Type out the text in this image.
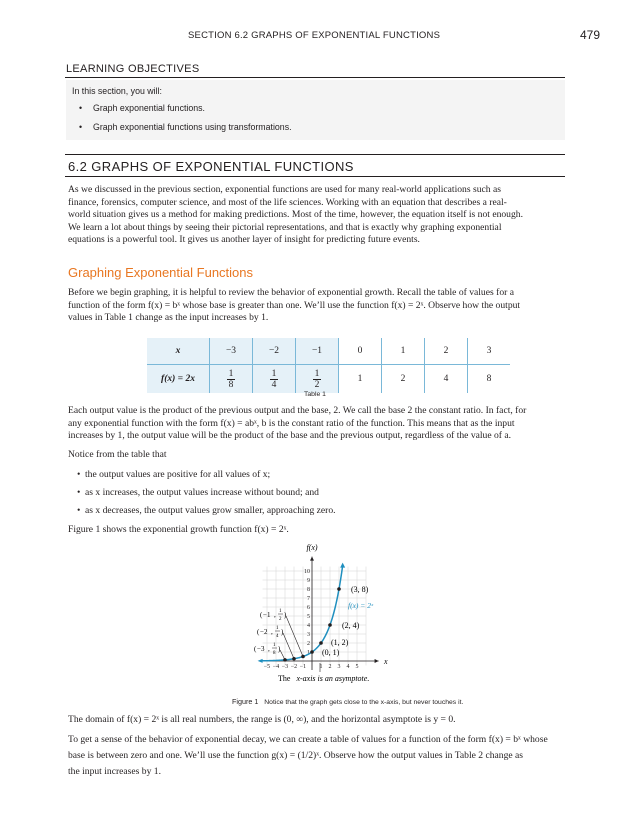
SECTION 6.2 GRAPHS OF EXPONENTIAL FUNCTIONS	479
LEARNING OBJECTIVES
In this section, you will:
Graph exponential functions.
Graph exponential functions using transformations.
6.2 GRAPHS OF EXPONENTIAL FUNCTIONS
As we discussed in the previous section, exponential functions are used for many real-world applications such as
finance, forensics, computer science, and most of the life sciences. Working with an equation that describes a real-
world situation gives us a method for making predictions. Most of the time, however, the equation itself is not enough.
We learn a lot about things by seeing their pictorial representations, and that is exactly why graphing exponential
equations is a powerful tool. It gives us another layer of insight for predicting future events.
Graphing Exponential Functions
Before we begin graphing, it is helpful to review the behavior of exponential growth. Recall the table of values for a
function of the form f(x) = bˣ whose base is greater than one. We’ll use the function f(x) = 2ˣ. Observe how the output
values in Table 1 change as the input increases by 1.
x	−3	−2	−1	0	1	2	3
f(x) = 2x	$\frac{1}{8}$	$\frac{1}{4}$	$\frac{1}{2}$	1	2	4	8
Table 1
Each output value is the product of the previous output and the base, 2. We call the base 2 the constant ratio. In fact, for
any exponential function with the form f(x) = abˣ, b is the constant ratio of the function. This means that as the input
increases by 1, the output value will be the product of the base and the previous output, regardless of the value of a.
Notice from the table that
• the output values are positive for all values of x;
• as x increases, the output values increase without bound; and
• as x decreases, the output values grow smaller, approaching zero.
Figure 1 shows the exponential growth function f(x) = 2ˣ.
1
2
3
4
5
6
7
8
9
10
−5 −4 −3 −2 −1 1 2 3 4 5
f(x)
x
f(x) = 2ˣ
(3, 8)
(2, 4)
(1, 2)
(0, 1)
( −1 , 1
2
)
( −2 , 1
4
)
( −3 , 1
8
)
The x-axis is an asymptote.
Figure 1 Notice that the graph gets close to the x-axis, but never touches it.
The domain of f(x) = 2ˣ is all real numbers, the range is (0, ∞), and the horizontal asymptote is y = 0.
To get a sense of the behavior of exponential decay, we can create a table of values for a function of the form f(x) = bˣ whose
base is between zero and one. We’ll use the function g(x) = (1/2)ˣ. Observe how the output values in Table 2 change as
the input increases by 1.
